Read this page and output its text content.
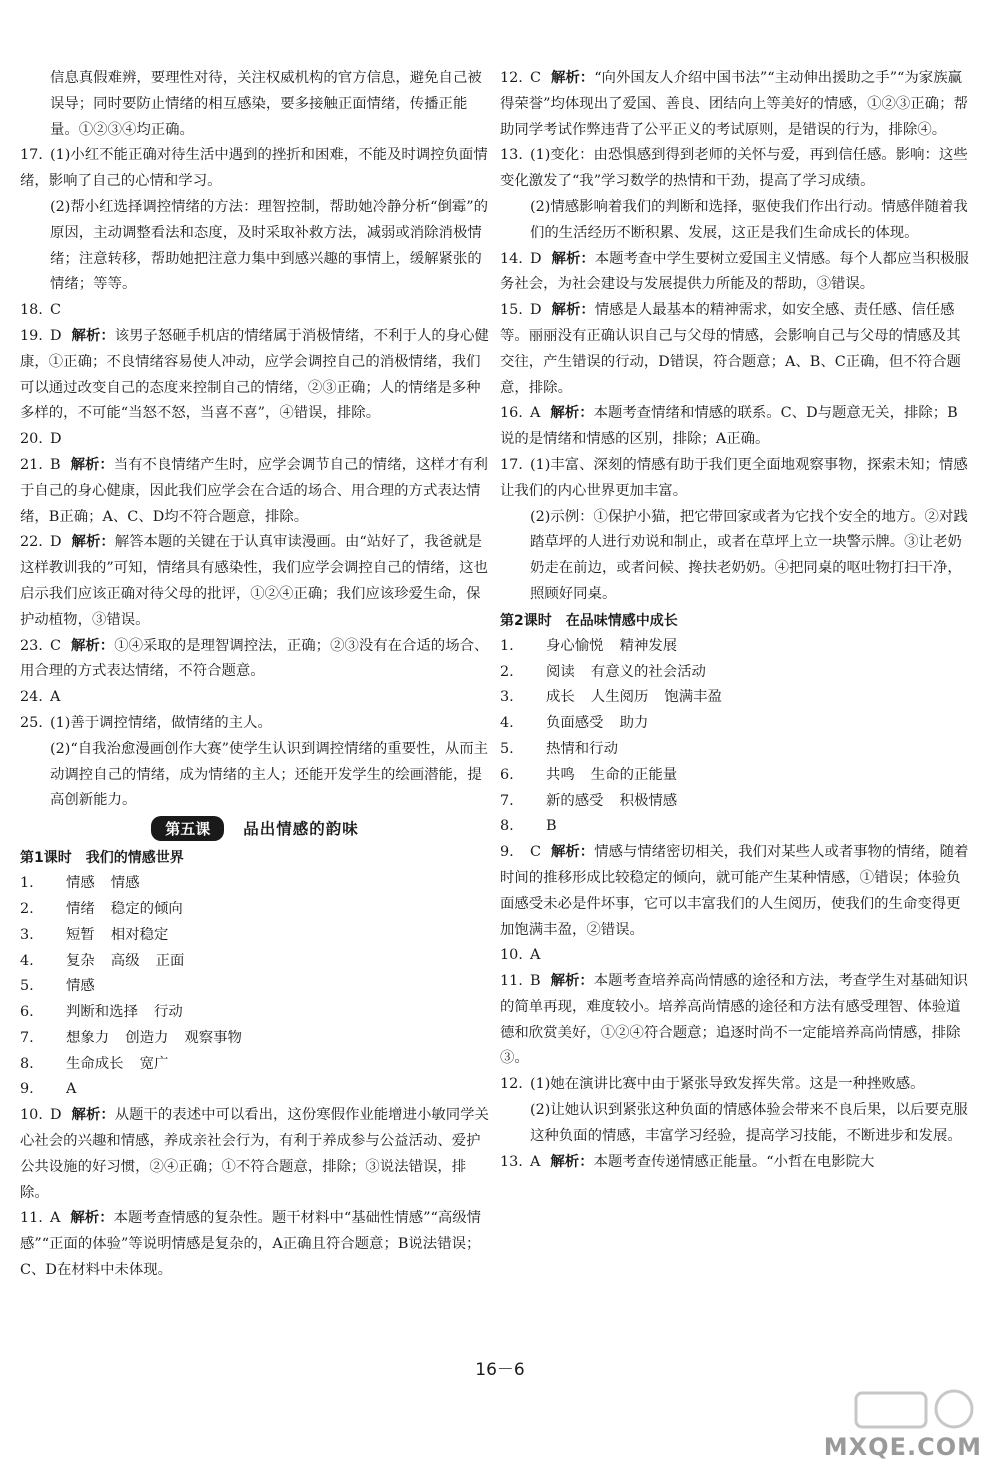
信息真假难辨，要理性对待，关注权威机构的官方信息，避免自己被误导；同时要防止情绪的相互感染，要多接触正面情绪，传播正能量。①②③④均正确。
17. (1)小红不能正确对待生活中遇到的挫折和困难，不能及时调控负面情绪，影响了自己的心情和学习。
(2)帮小红选择调控情绪的方法：理智控制，帮助她冷静分析“倒霉”的原因，主动调整看法和态度，及时采取补救方法，减弱或消除消极情绪；注意转移，帮助她把注意力集中到感兴趣的事情上，缓解紧张的情绪；等等。
18. C
19. D 解析：该男子怒砸手机店的情绪属于消极情绪，不利于人的身心健康，①正确；不良情绪容易使人冲动，应学会调控自己的消极情绪，我们可以通过改变自己的态度来控制自己的情绪，②③正确；人的情绪是多种多样的，不可能“当怒不怒，当喜不喜”，④错误，排除。
20. D
21. B 解析：当有不良情绪产生时，应学会调节自己的情绪，这样才有利于自己的身心健康，因此我们应学会在合适的场合、用合理的方式表达情绪，B正确；A、C、D均不符合题意，排除。
22. D 解析：解答本题的关键在于认真审读漫画。由“站好了，我爸就是这样教训我的”可知，情绪具有感染性，我们应学会调控自己的情绪，这也启示我们应该正确对待父母的批评，①②④正确；我们应该珍爱生命，保护动植物，③错误。
23. C 解析：①④采取的是理智调控法，正确；②③没有在合适的场合、用合理的方式表达情绪，不符合题意。
24. A
25. (1)善于调控情绪，做情绪的主人。
(2)“自我治愈漫画创作大赛”使学生认识到调控情绪的重要性，从而主动调控自己的情绪，成为情绪的主人；还能开发学生的绘画潜能，提高创新能力。
第五课 品出情感的韵味
第1课时　我们的情感世界
1. 情感 情感
2. 情绪 稳定的倾向
3. 短暂 相对稳定
4. 复杂 高级 正面
5. 情感
6. 判断和选择 行动
7. 想象力 创造力 观察事物
8. 生命成长 宽广
9. A
10. D 解析：从题干的表述中可以看出，这份寒假作业能增进小敏同学关心社会的兴趣和情感，养成亲社会行为，有利于养成参与公益活动、爱护公共设施的好习惯，②④正确；①不符合题意，排除；③说法错误，排除。
11. A 解析：本题考查情感的复杂性。题干材料中“基础性情感”“高级情感”“正面的体验”等说明情感是复杂的，A正确且符合题意；B说法错误；C、D在材料中未体现。
12. C 解析：“向外国友人介绍中国书法”“主动伸出援助之手”“为家族赢得荣誉”均体现出了爱国、善良、团结向上等美好的情感，①②③正确；帮助同学考试作弊违背了公平正义的考试原则，是错误的行为，排除④。
13. (1)变化：由恐惧感到得到老师的关怀与爱，再到信任感。影响：这些变化激发了“我”学习数学的热情和干劲，提高了学习成绩。
(2)情感影响着我们的判断和选择，驱使我们作出行动。情感伴随着我们的生活经历不断积累、发展，这正是我们生命成长的体现。
14. D 解析：本题考查中学生要树立爱国主义情感。每个人都应当积极服务社会，为社会建设与发展提供力所能及的帮助，③错误。
15. D 解析：情感是人最基本的精神需求，如安全感、责任感、信任感等。丽丽没有正确认识自己与父母的情感，会影响自己与父母的情感及其交往，产生错误的行动，D错误，符合题意；A、B、C正确，但不符合题意，排除。
16. A 解析：本题考查情绪和情感的联系。C、D与题意无关，排除；B说的是情绪和情感的区别，排除；A正确。
17. (1)丰富、深刻的情感有助于我们更全面地观察事物，探索未知；情感让我们的内心世界更加丰富。
(2)示例：①保护小猫，把它带回家或者为它找个安全的地方。②对践踏草坪的人进行劝说和制止，或者在草坪上立一块警示牌。③让老奶奶走在前边，或者问候、搀扶老奶奶。④把同桌的呕吐物打扫干净，照顾好同桌。
第2课时　在品味情感中成长
1. 身心愉悦 精神发展
2. 阅读 有意义的社会活动
3. 成长 人生阅历 饱满丰盈
4. 负面感受 助力
5. 热情和行动
6. 共鸣 生命的正能量
7. 新的感受 积极情感
8. B
9. C 解析：情感与情绪密切相关，我们对某些人或者事物的情绪，随着时间的推移形成比较稳定的倾向，就可能产生某种情感，①错误；体验负面感受未必是件坏事，它可以丰富我们的人生阅历，使我们的生命变得更加饱满丰盈，②错误。
10. A
11. B 解析：本题考查培养高尚情感的途径和方法，考查学生对基础知识的简单再现，难度较小。培养高尚情感的途径和方法有感受理智、体验道德和欣赏美好，①②④符合题意；追逐时尚不一定能培养高尚情感，排除③。
12. (1)她在演讲比赛中由于紧张导致发挥失常。这是一种挫败感。
(2)让她认识到紧张这种负面的情感体验会带来不良后果，以后要克服这种负面的情感，丰富学习经验，提高学习技能，不断进步和发展。
13. A 解析：本题考查传递情感正能量。“小哲在电影院大
16－6
MXQE.COM
